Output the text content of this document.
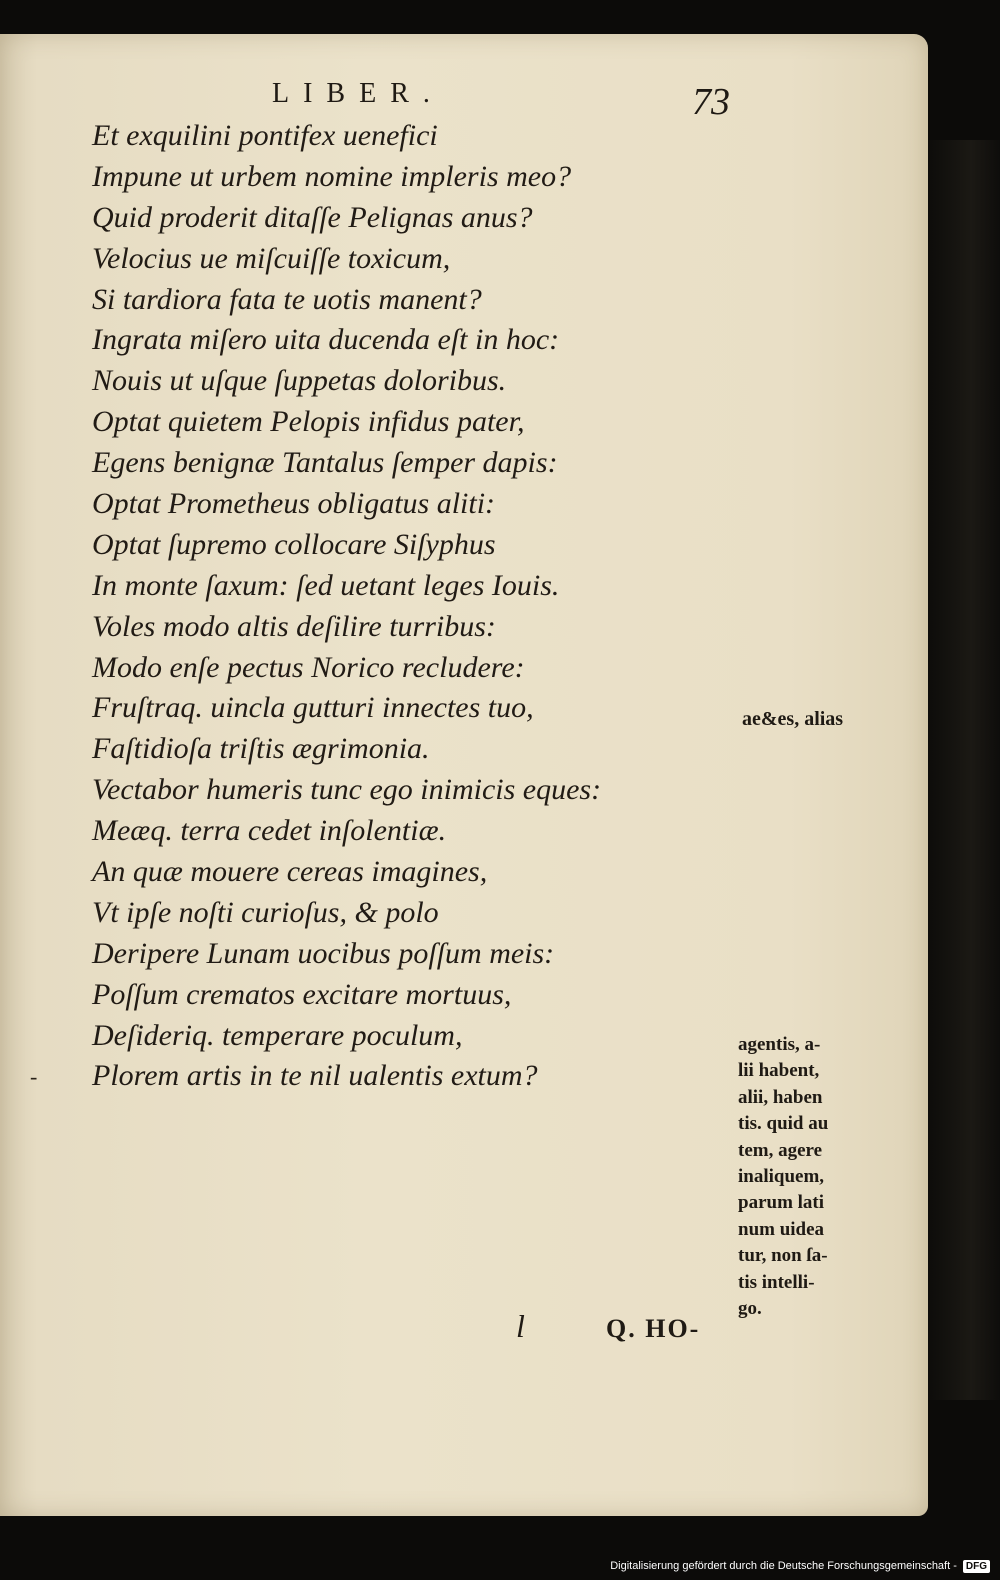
LIBER.	73
Et exquilini pontifex uenefici
Impune ut urbem nomine impleris meo?
Quid proderit ditaſſe Pelignas anus?
Velocius ue miſcuiſſe toxicum,
Si tardiora fata te uotis manent?
Ingrata miſero uita ducenda eſt in hoc:
Nouis ut uſque ſuppetas doloribus.
Optat quietem Pelopis infidus pater,
Egens benignæ Tantalus ſemper dapis:
Optat Prometheus obligatus aliti:
Optat ſupremo collocare Siſyphus
In monte ſaxum: ſed uetant leges Iouis.
Voles modo altis deſilire turribus:
Modo enſe pectus Norico recludere:
Fruſtraq. uincla gutturi innectes tuo,
Faſtidioſa triſtis ægrimonia.
Vectabor humeris tunc ego inimicis eques:
Meæq. terra cedet inſolentiæ.
An quæ mouere cereas imagines,
Vt ipſe noſti curioſus, & polo
Deripere Lunam uocibus poſſum meis:
Poſſum crematos excitare mortuus,
Deſideriq. temperare poculum,
Plorem artis in te nil ualentis extum?
ae&es, alias
agentis, a-
lii habent,
alii, haben
tis. quid au
tem, agere
inaliquem,
parum lati
num uidea
tur, non ſa-
tis intelli-
go.
-
l	Q. HO-
Digitalisierung gefördert durch die Deutsche Forschungsgemeinschaft - DFG
